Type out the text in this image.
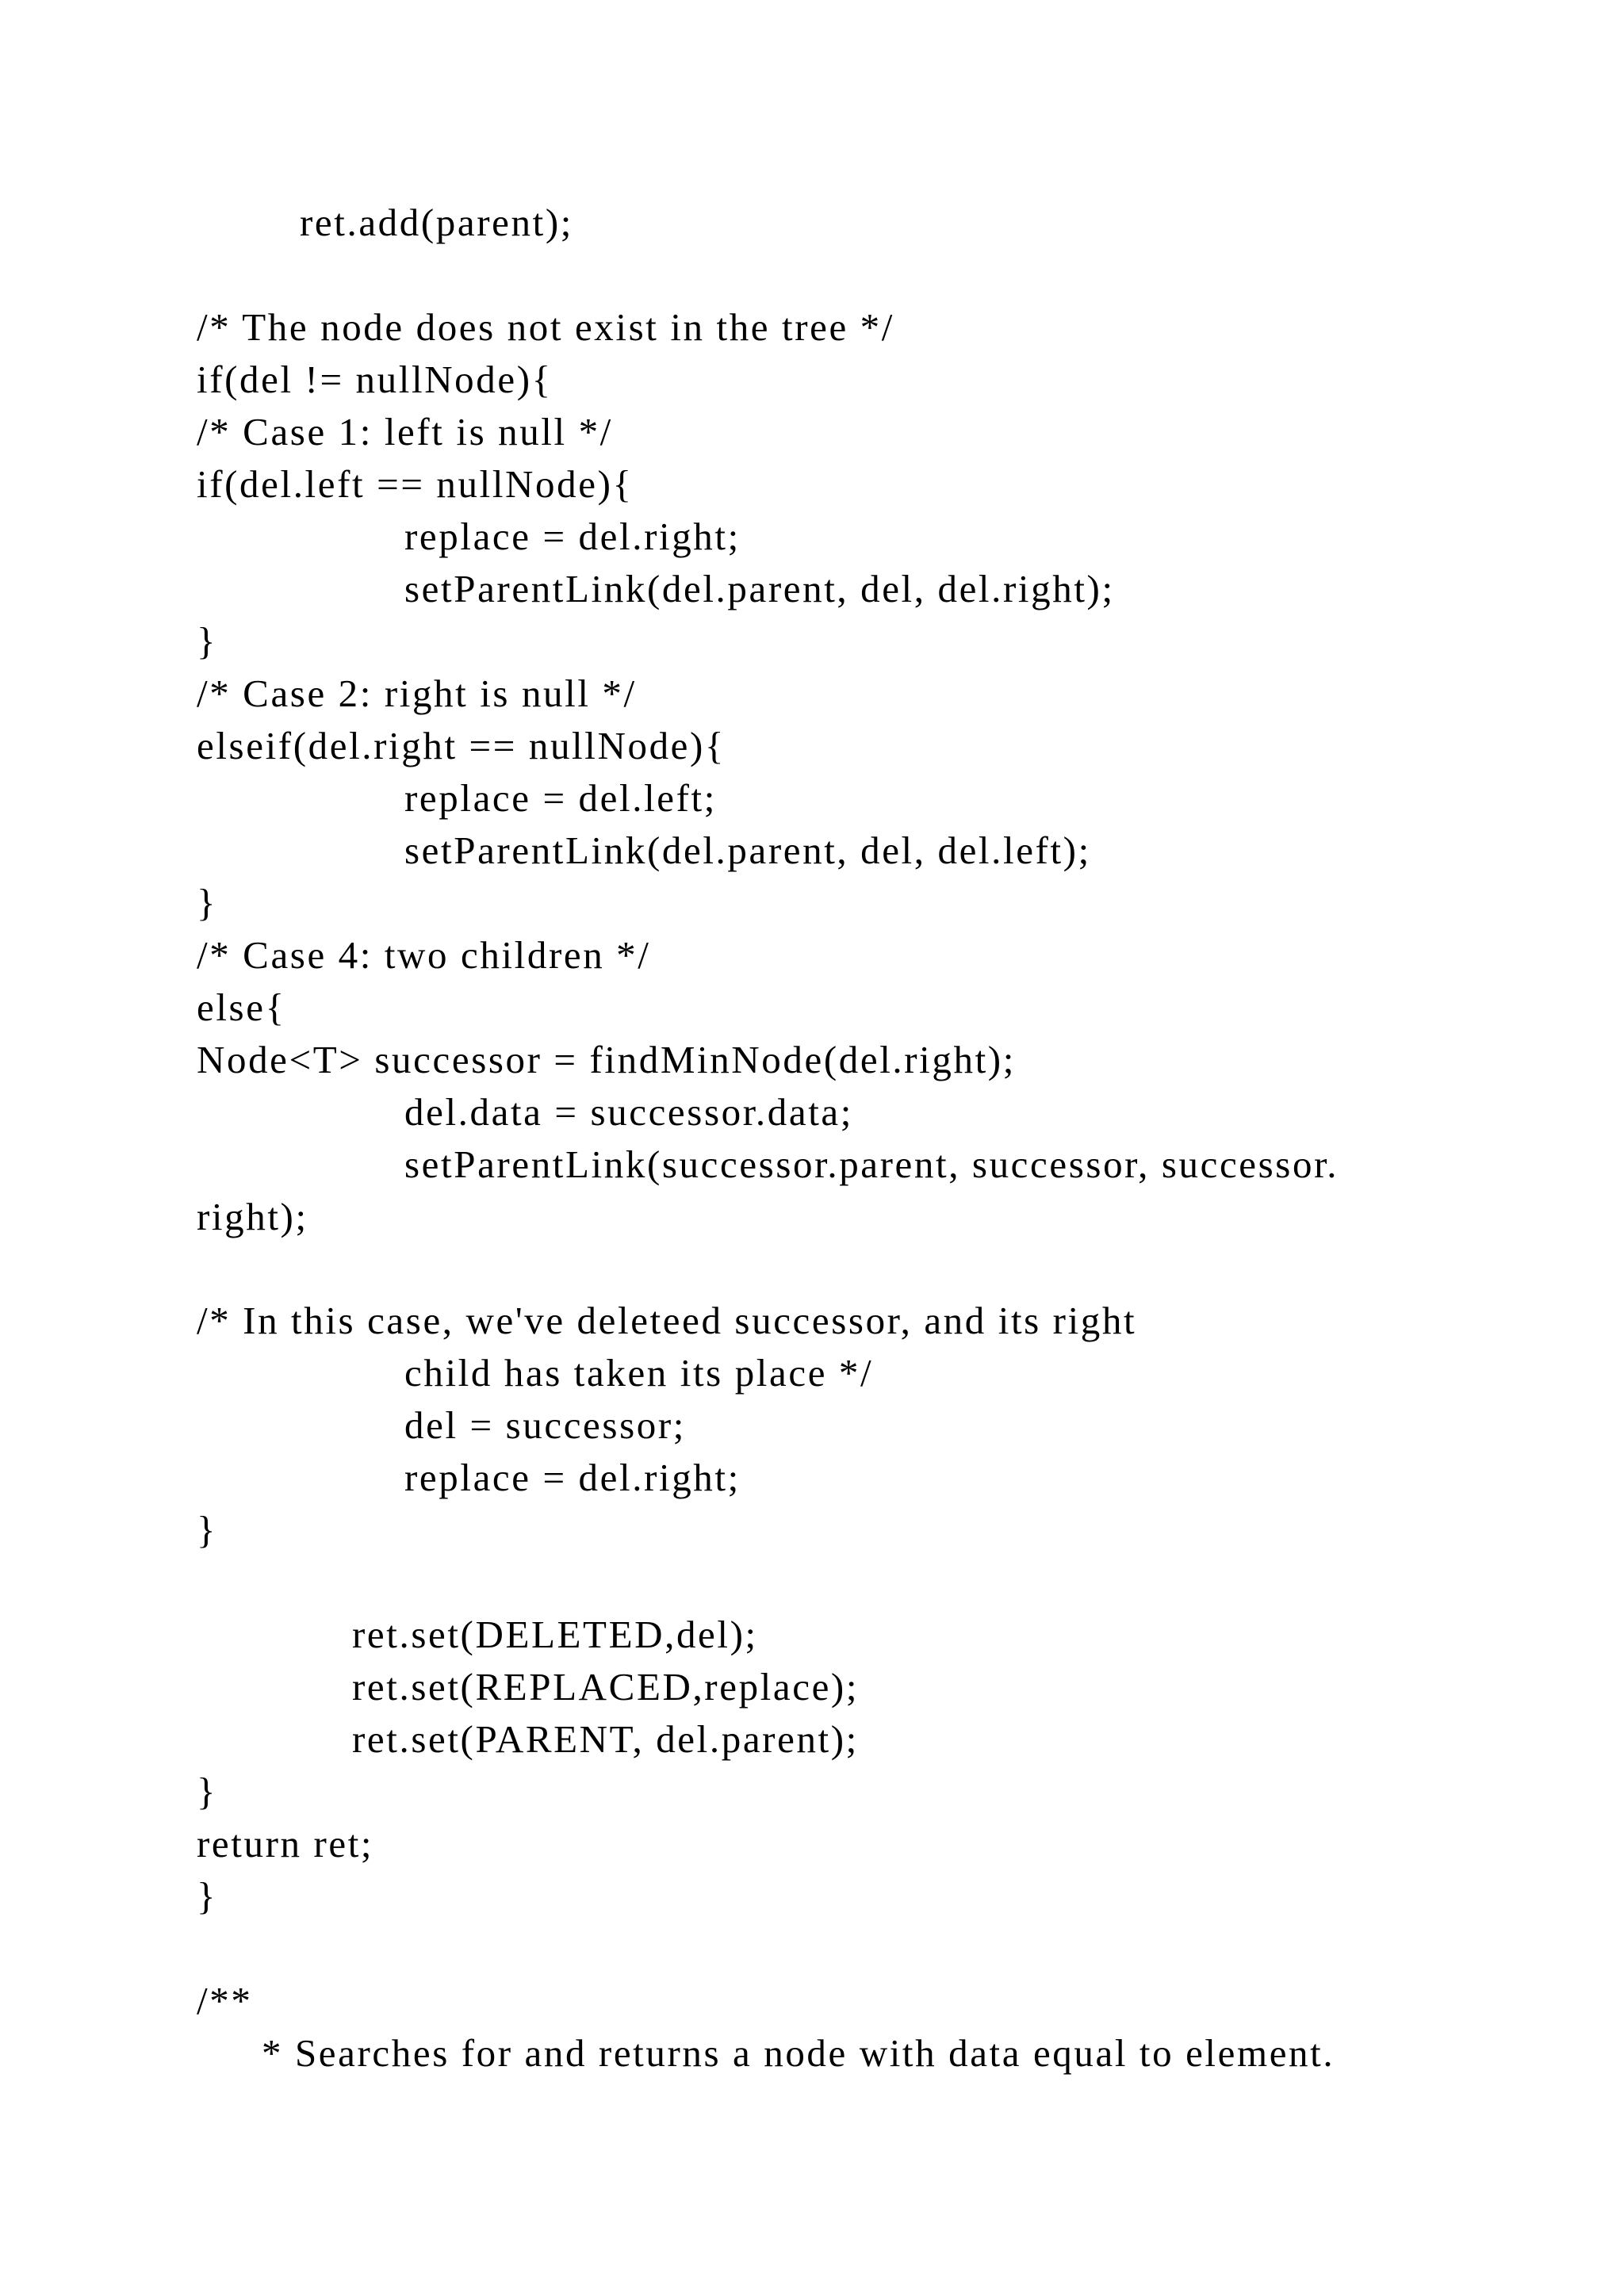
ret.add(parent);
/* The node does not exist in the tree */
if(del != nullNode){
/* Case 1: left is null */
if(del.left == nullNode){
replace = del.right;
setParentLink(del.parent, del, del.right);
}
/* Case 2: right is null */
elseif(del.right == nullNode){
replace = del.left;
setParentLink(del.parent, del, del.left);
}
/* Case 4: two children */
else{
Node<T> successor = findMinNode(del.right);
del.data = successor.data;
setParentLink(successor.parent, successor, successor.
right);
/* In this case, we've deleteed successor, and its right
child has taken its place */
del = successor;
replace = del.right;
}
ret.set(DELETED,del);
ret.set(REPLACED,replace);
ret.set(PARENT, del.parent);
}
return ret;
}
/**
* Searches for and returns a node with data equal to element.
